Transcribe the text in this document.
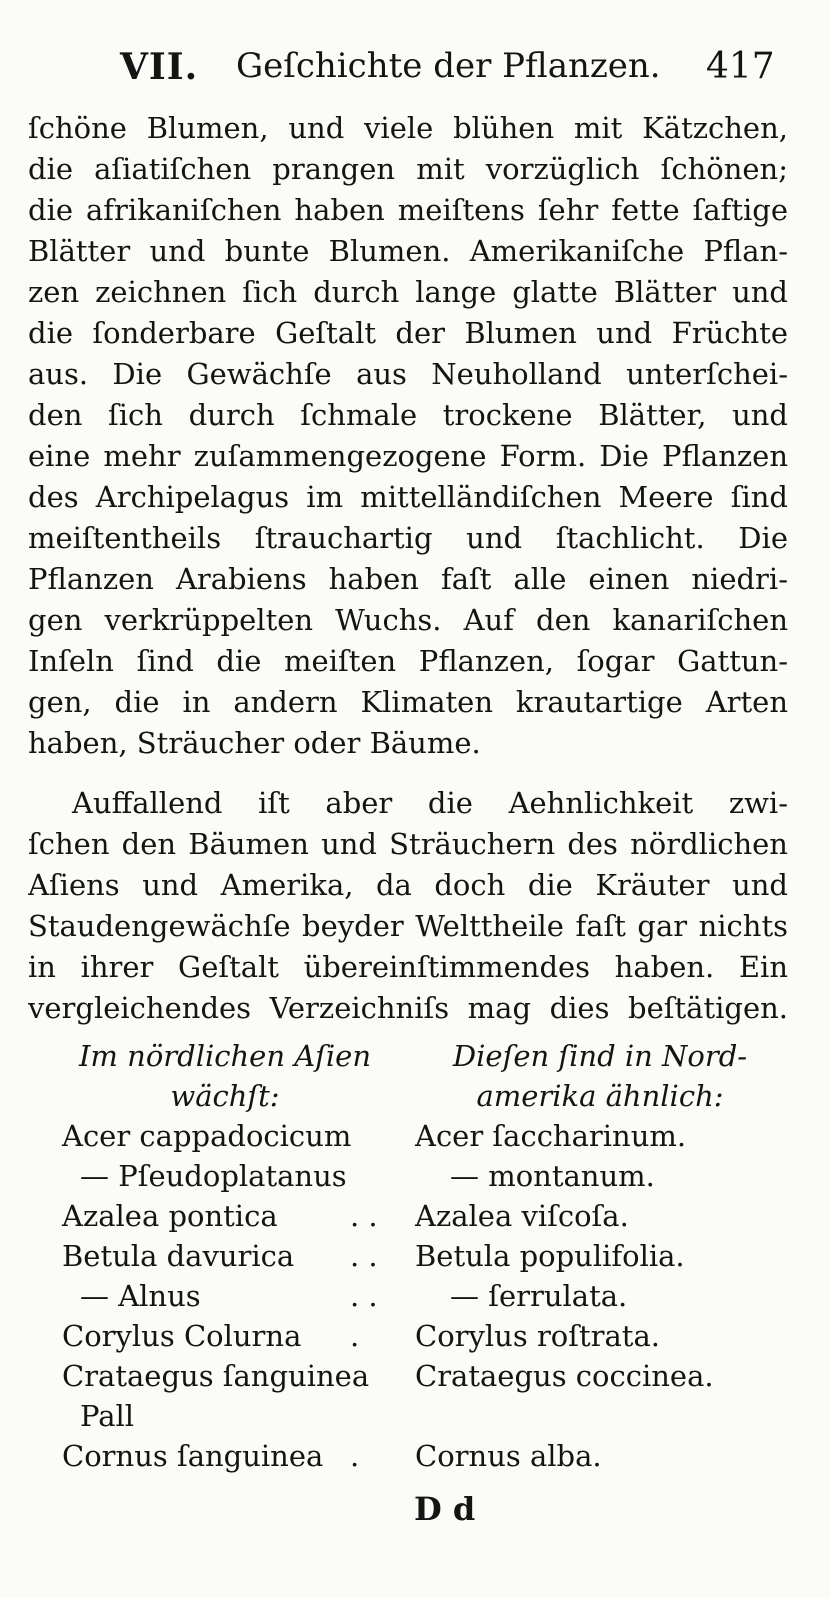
VII. Geſchichte der Pflanzen. 417
ſchöne Blumen, und viele blühen mit Kätzchen,
die aſiatiſchen prangen mit vorzüglich ſchönen;
die afrikaniſchen haben meiſtens ſehr fette ſaftige
Blätter und bunte Blumen. Amerikaniſche Pflan-
zen zeichnen ſich durch lange glatte Blätter und
die ſonderbare Geſtalt der Blumen und Früchte
aus. Die Gewächſe aus Neuholland unterſchei-
den ſich durch ſchmale trockene Blätter, und
eine mehr zuſammengezogene Form. Die Pflanzen
des Archipelagus im mittelländiſchen Meere ſind
meiſtentheils ſtrauchartig und ſtachlicht. Die
Pflanzen Arabiens haben faſt alle einen niedri-
gen verkrüppelten Wuchs. Auf den kanariſchen
Inſeln ſind die meiſten Pflanzen, ſogar Gattun-
gen, die in andern Klimaten krautartige Arten
haben, Sträucher oder Bäume.
Auffallend iſt aber die Aehnlichkeit zwi-
ſchen den Bäumen und Sträuchern des nördlichen
Aſiens und Amerika, da doch die Kräuter und
Staudengewächſe beyder Welttheile faſt gar nichts
in ihrer Geſtalt übereinſtimmendes haben. Ein
vergleichendes Verzeichniſs mag dies beſtätigen.
Im nördlichen Aſien
wächſt:
Dieſen ſind in Nord-
amerika ähnlich:
Acer cappadocicum Acer ſaccharinum.
— Pſeudoplatanus	— montanum.
Azalea pontica . . Azalea viſcoſa.
Betula davurica . . Betula populifolia.
— Alnus	. . — ſerrulata.
Corylus Colurna . Corylus roſtrata.
Crataegus ſanguinea Crataegus coccinea.
Pall
Cornus ſanguinea . Cornus alba.
D d
